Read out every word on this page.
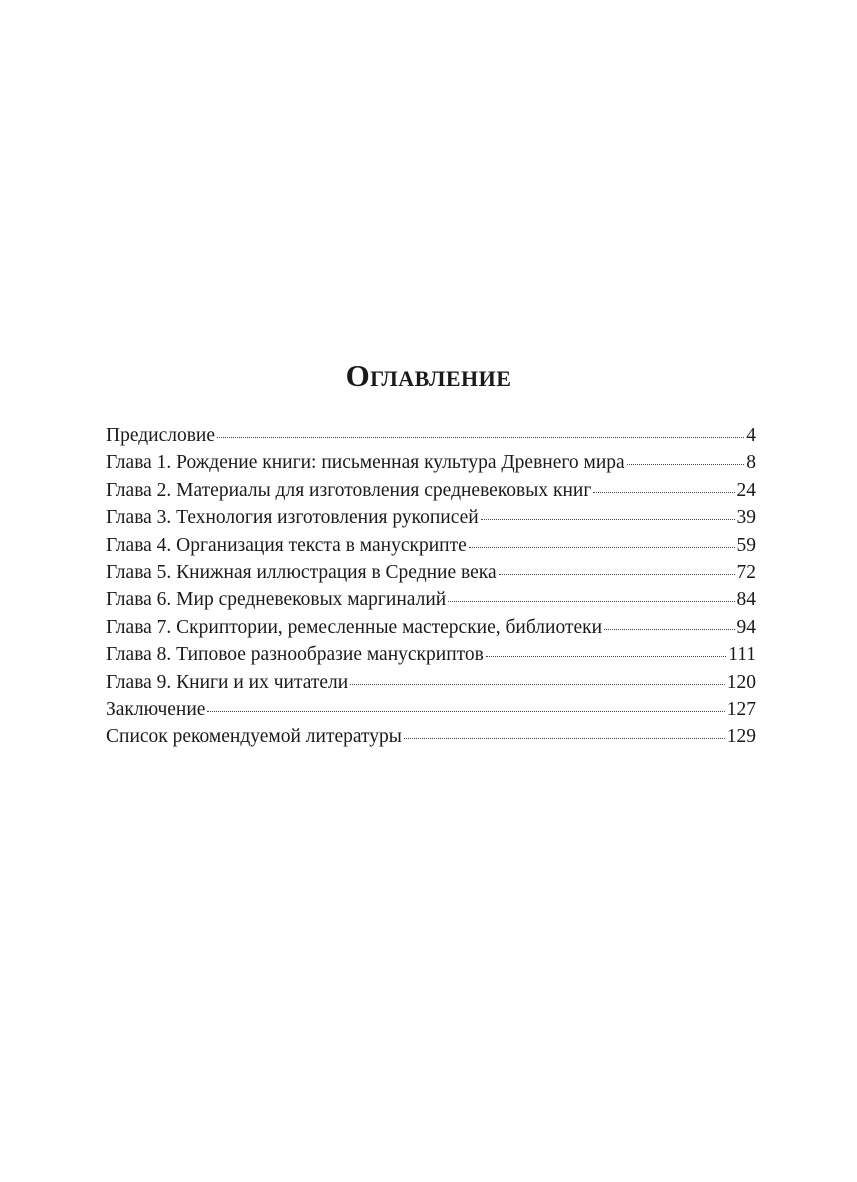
Оглавление
Предисловие	4
Глава 1. Рождение книги: письменная культура Древнего мира	8
Глава 2. Материалы для изготовления средневековых книг	24
Глава 3. Технология изготовления рукописей	39
Глава 4. Организация текста в манускрипте	59
Глава 5. Книжная иллюстрация в Средние века	72
Глава 6. Мир средневековых маргиналий	84
Глава 7. Скриптории, ремесленные мастерские, библиотеки	94
Глава 8. Типовое разнообразие манускриптов	111
Глава 9. Книги и их читатели	120
Заключение	127
Список рекомендуемой литературы	129
